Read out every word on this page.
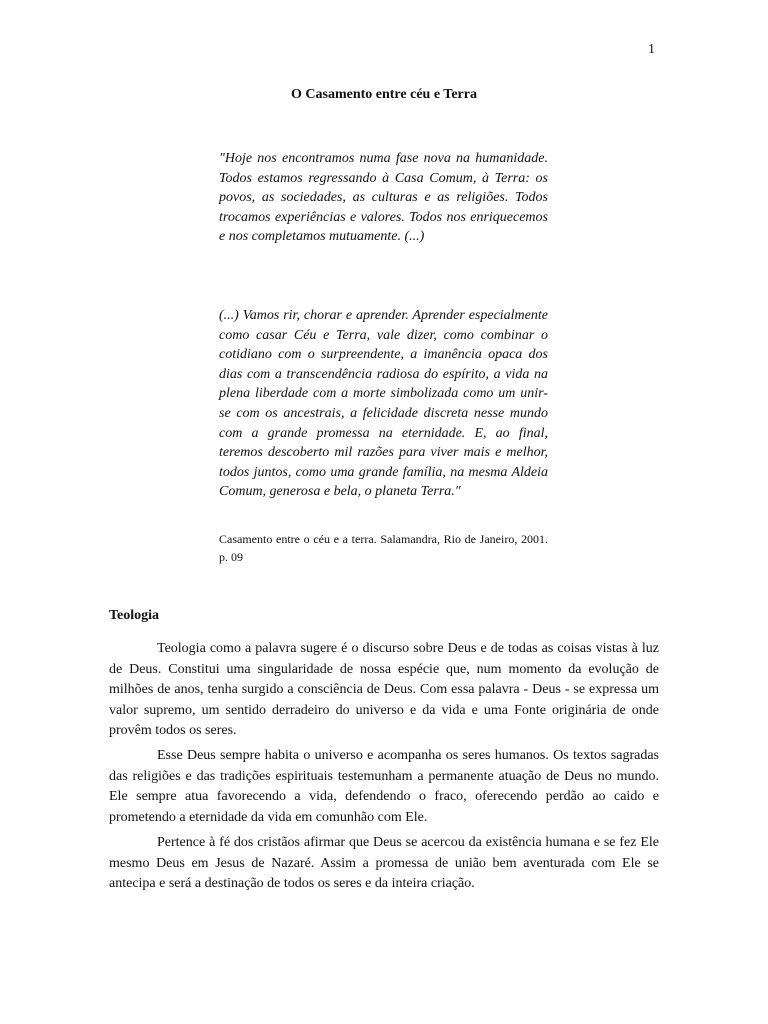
1
O Casamento entre céu e Terra

"Hoje nos encontramos numa fase nova na humanidade. Todos estamos regressando à Casa Comum, à Terra: os povos, as sociedades, as culturas e as religiões. Todos trocamos experiências e valores. Todos nos enriquecemos e nos completamos mutuamente. (...)

(...) Vamos rir, chorar e aprender. Aprender especialmente como casar Céu e Terra, vale dizer, como combinar o cotidiano com o surpreendente, a imanência opaca dos dias com a transcendência radiosa do espírito, a vida na plena liberdade com a morte simbolizada como um unir-se com os ancestrais, a felicidade discreta nesse mundo com a grande promessa na eternidade. E, ao final, teremos descoberto mil razões para viver mais e melhor, todos juntos, como uma grande família, na mesma Aldeia Comum, generosa e bela, o planeta Terra."

Casamento entre o céu e a terra. Salamandra, Rio de Janeiro, 2001. p. 09

Teologia

Teologia como a palavra sugere é o discurso sobre Deus e de todas as coisas vistas à luz de Deus. Constitui uma singularidade de nossa espécie que, num momento da evolução de milhões de anos, tenha surgido a consciência de Deus. Com essa palavra - Deus - se expressa um valor supremo, um sentido derradeiro do universo e da vida e uma Fonte originária de onde provêm todos os seres.

Esse Deus sempre habita o universo e acompanha os seres humanos. Os textos sagradas das religiões e das tradições espirituais testemunham a permanente atuação de Deus no mundo. Ele sempre atua favorecendo a vida, defendendo o fraco, oferecendo perdão ao caido e prometendo a eternidade da vida em comunhão com Ele.

Pertence à fé dos cristãos afirmar que Deus se acercou da existência humana e se fez Ele mesmo Deus em Jesus de Nazaré. Assim a promessa de união bem aventurada com Ele se antecipa e será a destinação de todos os seres e da inteira criação.
